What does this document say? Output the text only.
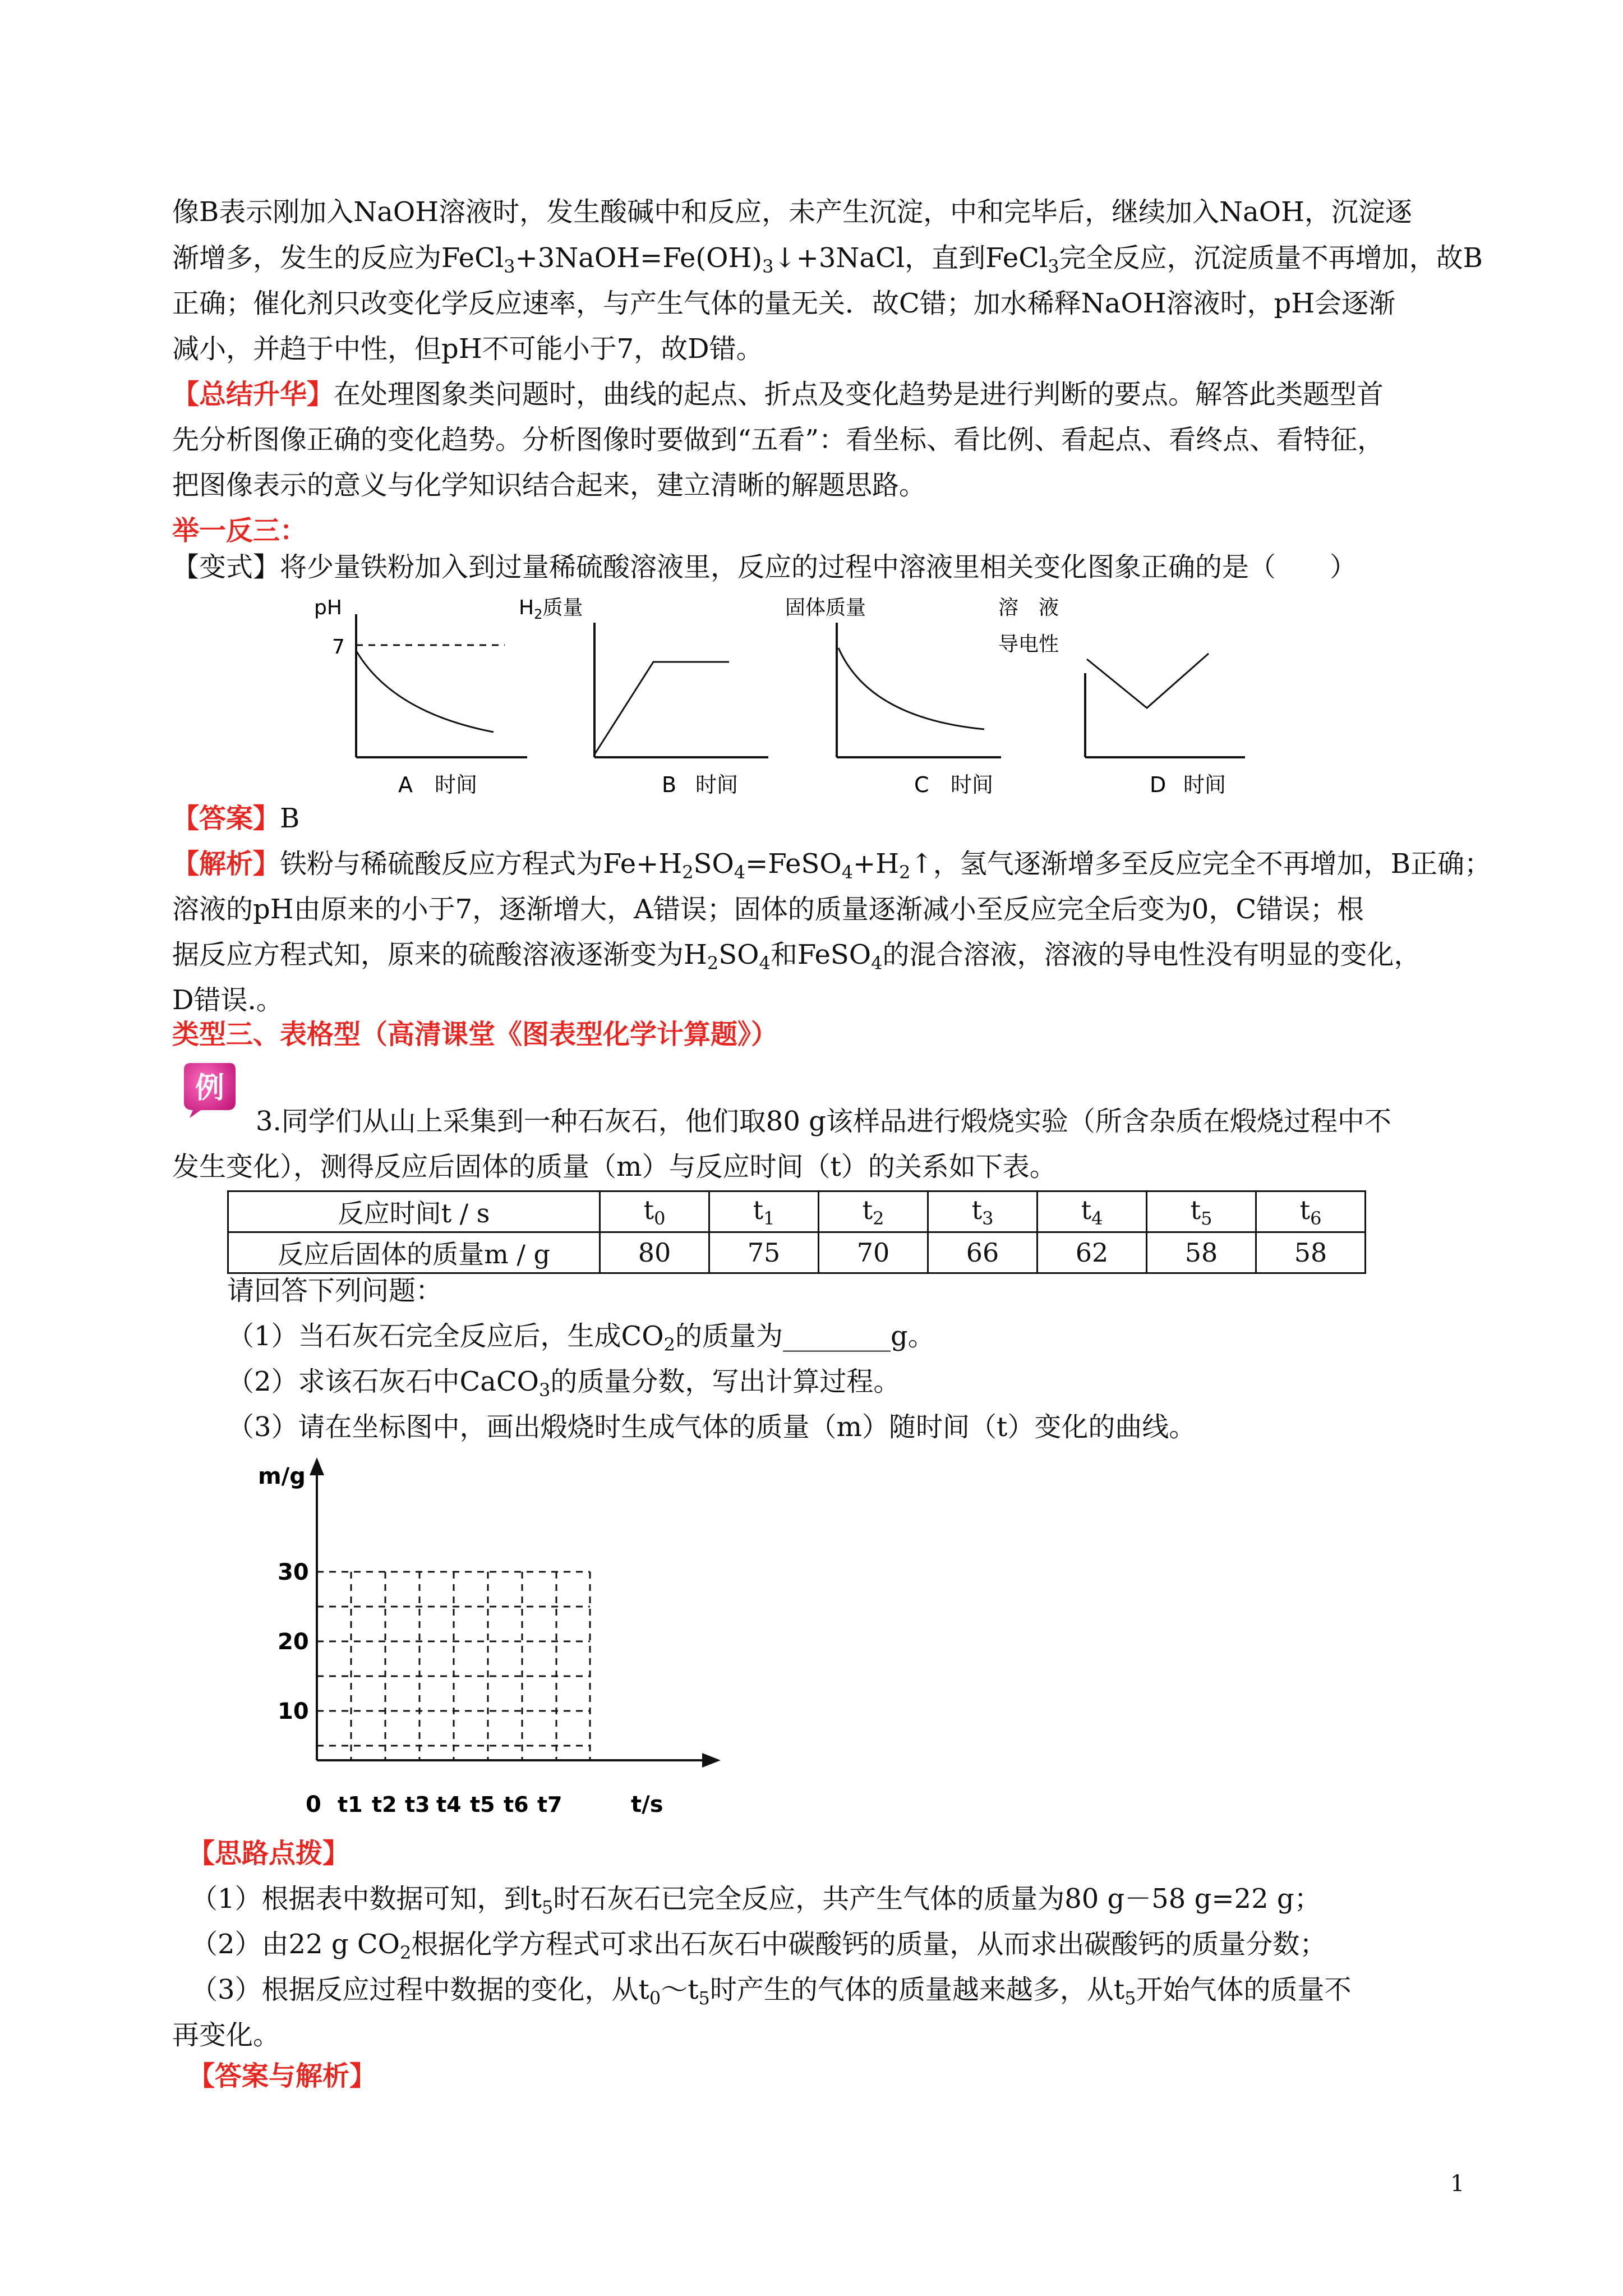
像B表示刚加入NaOH溶液时，发生酸碱中和反应，未产生沉淀，中和完毕后，继续加入NaOH，沉淀逐
渐增多，发生的反应为$FeCl_3+3NaOH=Fe(OH)_3↓+3NaCl$，直到FeCl$_3$完全反应，沉淀质量不再增加，故B
正确；催化剂只改变化学反应速率，与产生气体的量无关．故C错；加水稀释NaOH溶液时，pH会逐渐
减小，并趋于中性，但pH不可能小于7，故D错。
【总结升华】在处理图象类问题时，曲线的起点、折点及变化趋势是进行判断的要点。解答此类题型首
先分析图像正确的变化趋势。分析图像时要做到“五看”：看坐标、看比例、看起点、看终点、看特征，
把图像表示的意义与化学知识结合起来，建立清晰的解题思路。
举一反三：
【变式】将少量铁粉加入到过量稀硫酸溶液里，反应的过程中溶液里相关变化图象正确的是（　　）
pH
7
A 时间
$H_2$质量
B 时间
固体质量
C 时间
溶　液
导电性
D 时间
【答案】B
【解析】铁粉与稀硫酸反应方程式为$Fe+H_2SO_4=FeSO_4+H_2↑$，氢气逐渐增多至反应完全不再增加，B正确；
溶液的pH由原来的小于7，逐渐增大，A错误；固体的质量逐渐减小至反应完全后变为0，C错误；根
据反应方程式知，原来的硫酸溶液逐渐变为$H_2SO_4$和FeSO$_4$的混合溶液，溶液的导电性没有明显的变化，
D错误.。
类型三、表格型（高清课堂《图表型化学计算题》）
例
3.同学们从山上采集到一种石灰石，他们取80 g该样品进行煅烧实验（所含杂质在煅烧过程中不
发生变化），测得反应后固体的质量（m）与反应时间（t）的关系如下表。
反应时间t / s	$t_0$	$t_1$	$t_2$	$t_3$	$t_4$	$t_5$	$t_6$
反应后固体的质量m / g	80	75	70	66	62	58	58
请回答下列问题：
（1）当石灰石完全反应后，生成$CO_2$的质量为________g。
（2）求该石灰石中CaCO$_3$的质量分数，写出计算过程。
（3）请在坐标图中，画出煅烧时生成气体的质量（m）随时间（t）变化的曲线。
m/g
30
20
10
0 t1 t2 t3 t4 t5 t6 t7	t/s
【思路点拨】
（1）根据表中数据可知，到$t_5$时石灰石已完全反应，共产生气体的质量为80 g－58 g=22 g；
（2）由22 g $CO_2$根据化学方程式可求出石灰石中碳酸钙的质量，从而求出碳酸钙的质量分数；
（3）根据反应过程中数据的变化，从$t_0\sim t_5$时产生的气体的质量越来越多，从$t_5$开始气体的质量不
再变化。
【答案与解析】
1
